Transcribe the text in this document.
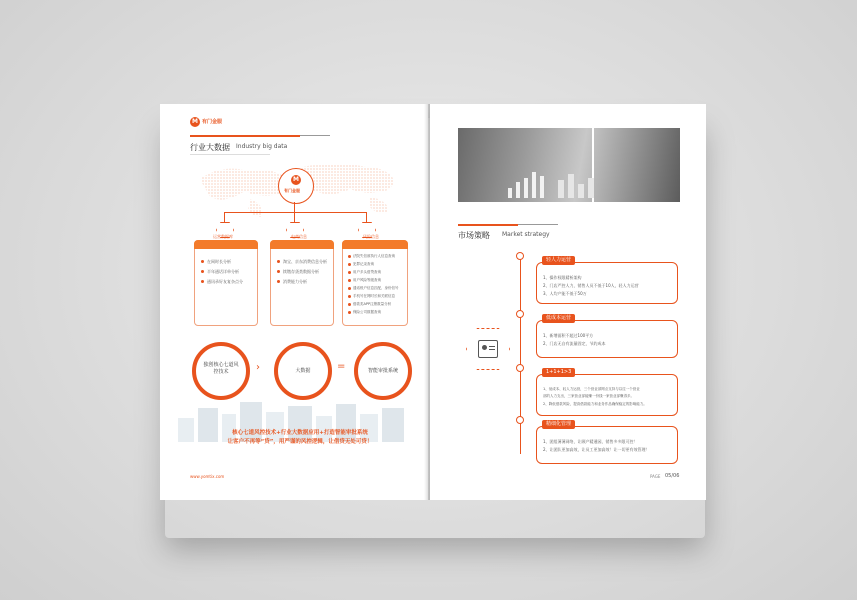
M 有门金服
行业大数据 Industry big data
M
有门金服
运营数据库
在网时长分析
半年通话详单分析
通讯录好友复杂点分
电商信息
淘宝、京东消费信息分析
续缴存货类数据分析
消费能力分析
风险信息
法院失信被执行人信息查询
犯罪记录查询
用户多头借贷查询
用户风险等级查询
通话账户信息匹配、身份信号
手机号在网时长和关联信息
借款类APP注册数量分析
保险公司数据查询
独创核心七道风控技术	›	大数据	=	智能审批系统
核心七道风控技术+行业大数据应用+打造智能审批系统
让客户不再等“贷”，用严谨的风控逻辑，让借贷无处可贷！
www.yomtix.com
市场策略 Market strategy
1、操作权限精析架构
2、门店严控人力，销售人员不低于10人，轻人力运营
3、人均产能不低于50万
轻人力运营
1、新增面积不超过100平方
2、门店无自有流量固定，节约成本
低成本运营
1、低成本、轻人力运营，三个营业部网点支持与以往一个营业
部的人力支出，三家营业部能赚一份钱一家营业部赚得多。
2、降低借款风险，提高借款能力和业务作品确保稳定的影响能力。
1+1+1>3
1、团组薄薄网络，让顾产精通园，销售多多限可控！
2、让团队更加高效，让员工更加高效！让一切更有效管理！
精细化管理
PAGE 05/06
